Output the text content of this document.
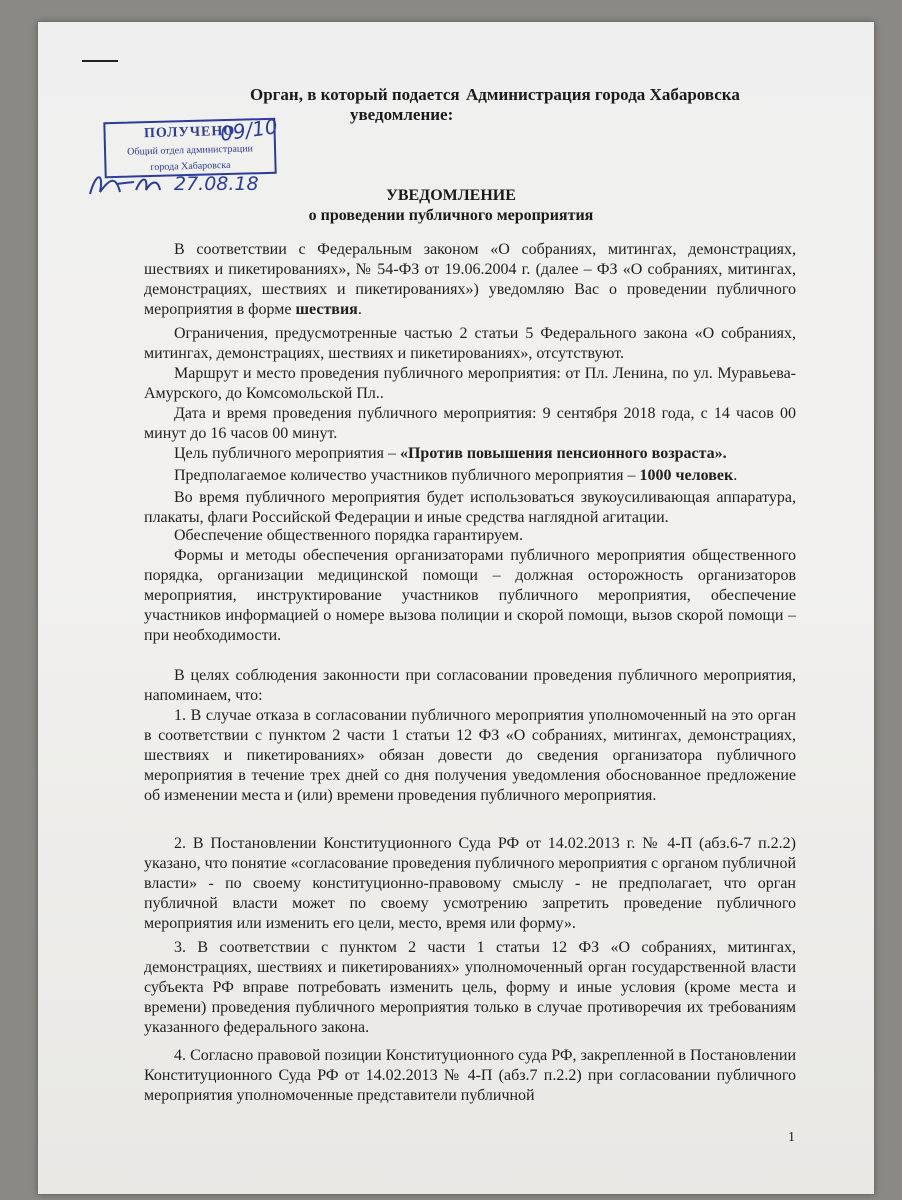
Орган, в который подается Администрация города Хабаровска
уведомление:
ПОЛУЧЕНО
Общий отдел администрации
города Хабаровска
09/10
27.08.18
УВЕДОМЛЕНИЕ
о проведении публичного мероприятия

В соответствии с Федеральным законом «О собраниях, митингах, демонстрациях, шествиях и пикетированиях», № 54-ФЗ от 19.06.2004 г. (далее – ФЗ «О собраниях, митингах, демонстрациях, шествиях и пикетированиях») уведомляю Вас о проведении публичного мероприятия в форме шествия.

Ограничения, предусмотренные частью 2 статьи 5 Федерального закона «О собраниях, митингах, демонстрациях, шествиях и пикетированиях», отсутствуют.

Маршрут и место проведения публичного мероприятия: от Пл. Ленина, по ул. Муравьева-Амурского, до Комсомольской Пл..

Дата и время проведения публичного мероприятия: 9 сентября 2018 года, с 14 часов 00 минут до 16 часов 00 минут.

Цель публичного мероприятия – «Против повышения пенсионного возраста».

Предполагаемое количество участников публичного мероприятия – 1000 человек.

Во время публичного мероприятия будет использоваться звукоусиливающая аппаратура, плакаты, флаги Российской Федерации и иные средства наглядной агитации.

Обеспечение общественного порядка гарантируем.

Формы и методы обеспечения организаторами публичного мероприятия общественного порядка, организации медицинской помощи – должная осторожность организаторов мероприятия, инструктирование участников публичного мероприятия, обеспечение участников информацией о номере вызова полиции и скорой помощи, вызов скорой помощи – при необходимости.

В целях соблюдения законности при согласовании проведения публичного мероприятия, напоминаем, что:

1. В случае отказа в согласовании публичного мероприятия уполномоченный на это орган в соответствии с пунктом 2 части 1 статьи 12 ФЗ «О собраниях, митингах, демонстрациях, шествиях и пикетированиях» обязан довести до сведения организатора публичного мероприятия в течение трех дней со дня получения уведомления обоснованное предложение об изменении места и (или) времени проведения публичного мероприятия.

2. В Постановлении Конституционного Суда РФ от 14.02.2013 г. № 4-П (абз.6-7 п.2.2) указано, что понятие «согласование проведения публичного мероприятия с органом публичной власти» - по своему конституционно-правовому смыслу - не предполагает, что орган публичной власти может по своему усмотрению запретить проведение публичного мероприятия или изменить его цели, место, время или форму».

3. В соответствии с пунктом 2 части 1 статьи 12 ФЗ «О собраниях, митингах, демонстрациях, шествиях и пикетированиях» уполномоченный орган государственной власти субъекта РФ вправе потребовать изменить цель, форму и иные условия (кроме места и времени) проведения публичного мероприятия только в случае противоречия их требованиям указанного федерального закона.

4. Согласно правовой позиции Конституционного суда РФ, закрепленной в Постановлении Конституционного Суда РФ от 14.02.2013 № 4-П (абз.7 п.2.2) при согласовании публичного мероприятия уполномоченные представители публичной

1
